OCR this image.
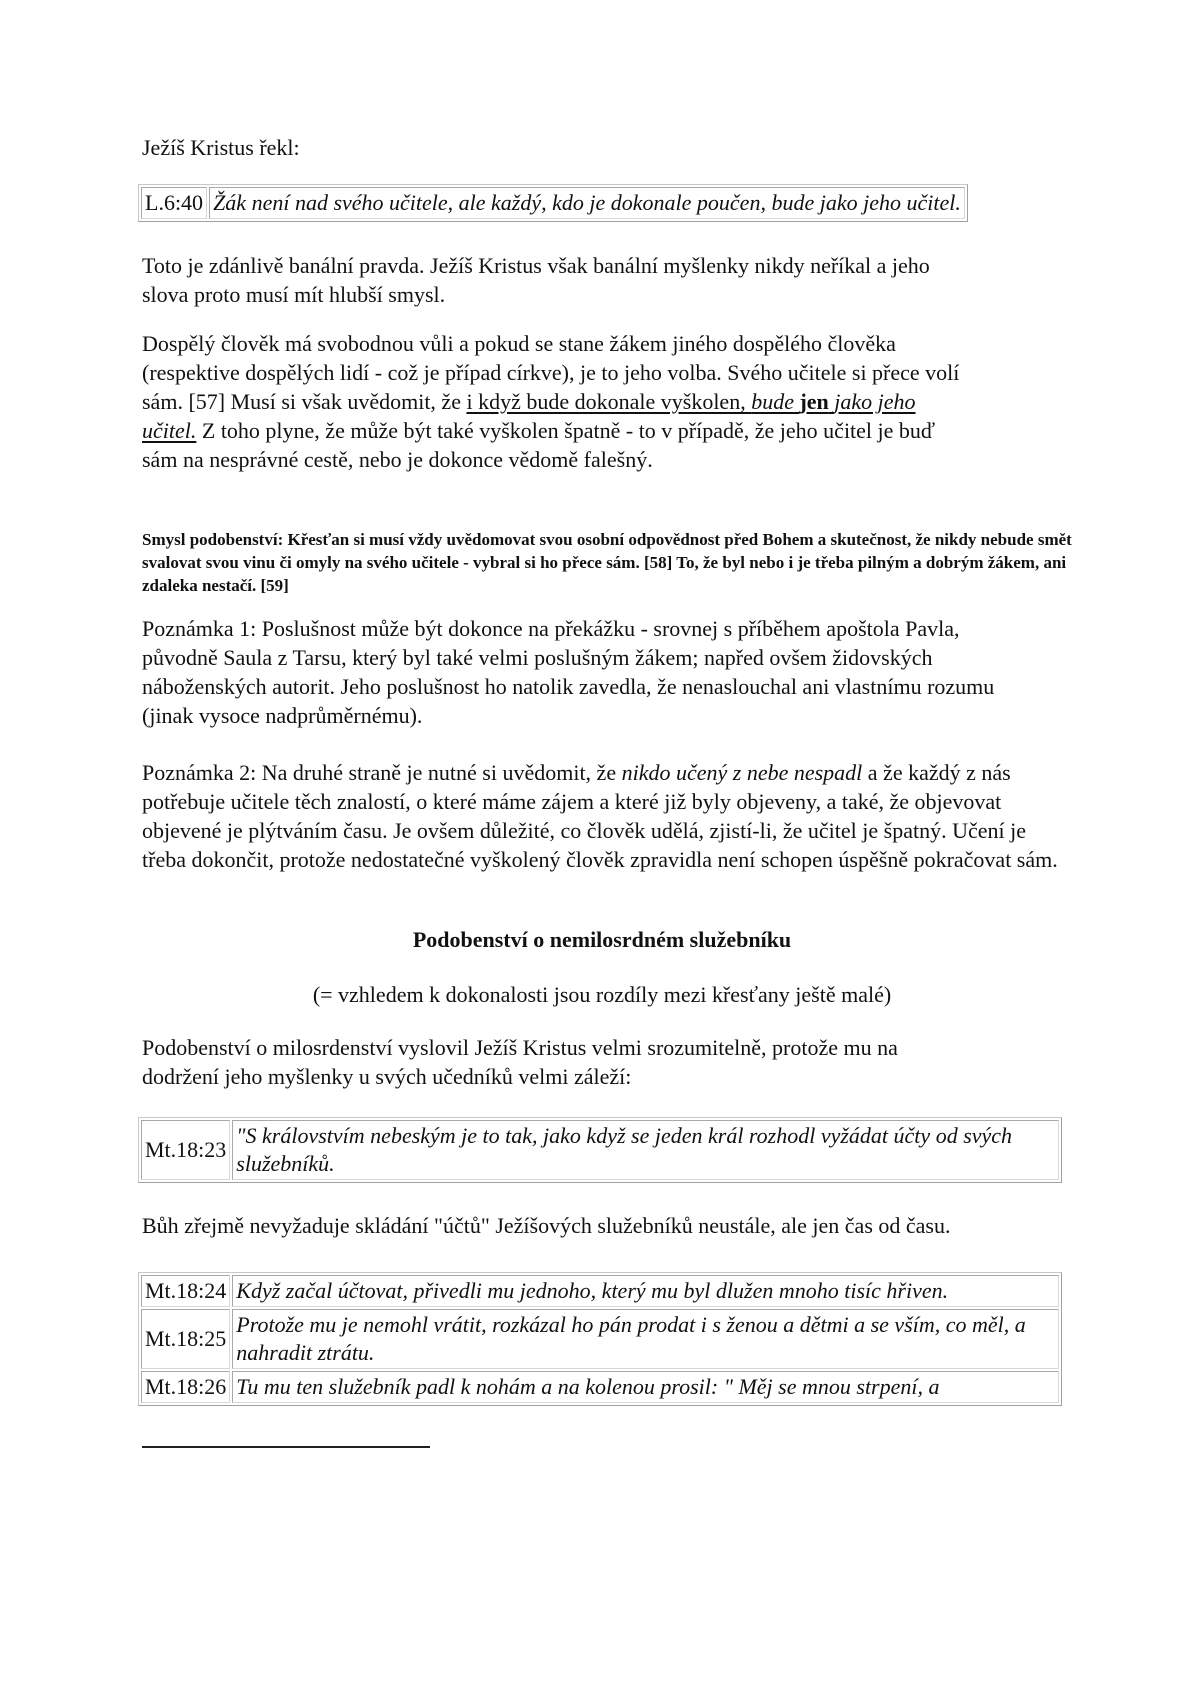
Ježíš Kristus řekl:

L.6:40	Žák není nad svého učitele, ale každý, kdo je dokonale poučen, bude jako jeho učitel.

Toto je zdánlivě banální pravda. Ježíš Kristus však banální myšlenky nikdy neříkal a jeho slova proto musí mít hlubší smysl.

Dospělý člověk má svobodnou vůli a pokud se stane žákem jiného dospělého člověka (respektive dospělých lidí - což je případ církve), je to jeho volba. Svého učitele si přece volí sám. [57] Musí si však uvědomit, že i když bude dokonale vyškolen, bude jen jako jeho učitel. Z toho plyne, že může být také vyškolen špatně - to v případě, že jeho učitel je buď sám na nesprávné cestě, nebo je dokonce vědomě falešný.

Smysl podobenství: Křesťan si musí vždy uvědomovat svou osobní odpovědnost před Bohem a skutečnost, že nikdy nebude smět svalovat svou vinu či omyly na svého učitele - vybral si ho přece sám. [58] To, že byl nebo i je třeba pilným a dobrým žákem, ani zdaleka nestačí. [59]

Poznámka 1: Poslušnost může být dokonce na překážku - srovnej s příběhem apoštola Pavla, původně Saula z Tarsu, který byl také velmi poslušným žákem; napřed ovšem židovských náboženských autorit. Jeho poslušnost ho natolik zavedla, že nenaslouchal ani vlastnímu rozumu (jinak vysoce nadprůměrnému).

Poznámka 2: Na druhé straně je nutné si uvědomit, že nikdo učený z nebe nespadl a že každý z nás potřebuje učitele těch znalostí, o které máme zájem a které již byly objeveny, a také, že objevovat objevené je plýtváním času. Je ovšem důležité, co člověk udělá, zjistí-li, že učitel je špatný. Učení je třeba dokončit, protože nedostatečné vyškolený člověk zpravidla není schopen úspěšně pokračovat sám.

Podobenství o nemilosrdném služebníku

(= vzhledem k dokonalosti jsou rozdíly mezi křesťany ještě malé)

Podobenství o milosrdenství vyslovil Ježíš Kristus velmi srozumitelně, protože mu na dodržení jeho myšlenky u svých učedníků velmi záleží:

Mt.18:23	"S královstvím nebeským je to tak, jako když se jeden král rozhodl vyžádat účty od svých služebníků.

Bůh zřejmě nevyžaduje skládání "účtů" Ježíšových služebníků neustále, ale jen čas od času.

Mt.18:24	Když začal účtovat, přivedli mu jednoho, který mu byl dlužen mnoho tisíc hřiven.
Mt.18:25	Protože mu je nemohl vrátit, rozkázal ho pán prodat i s ženou a dětmi a se vším, co měl, a nahradit ztrátu.
Mt.18:26	Tu mu ten služebník padl k nohám a na kolenou prosil: " Měj se mnou strpení, a
